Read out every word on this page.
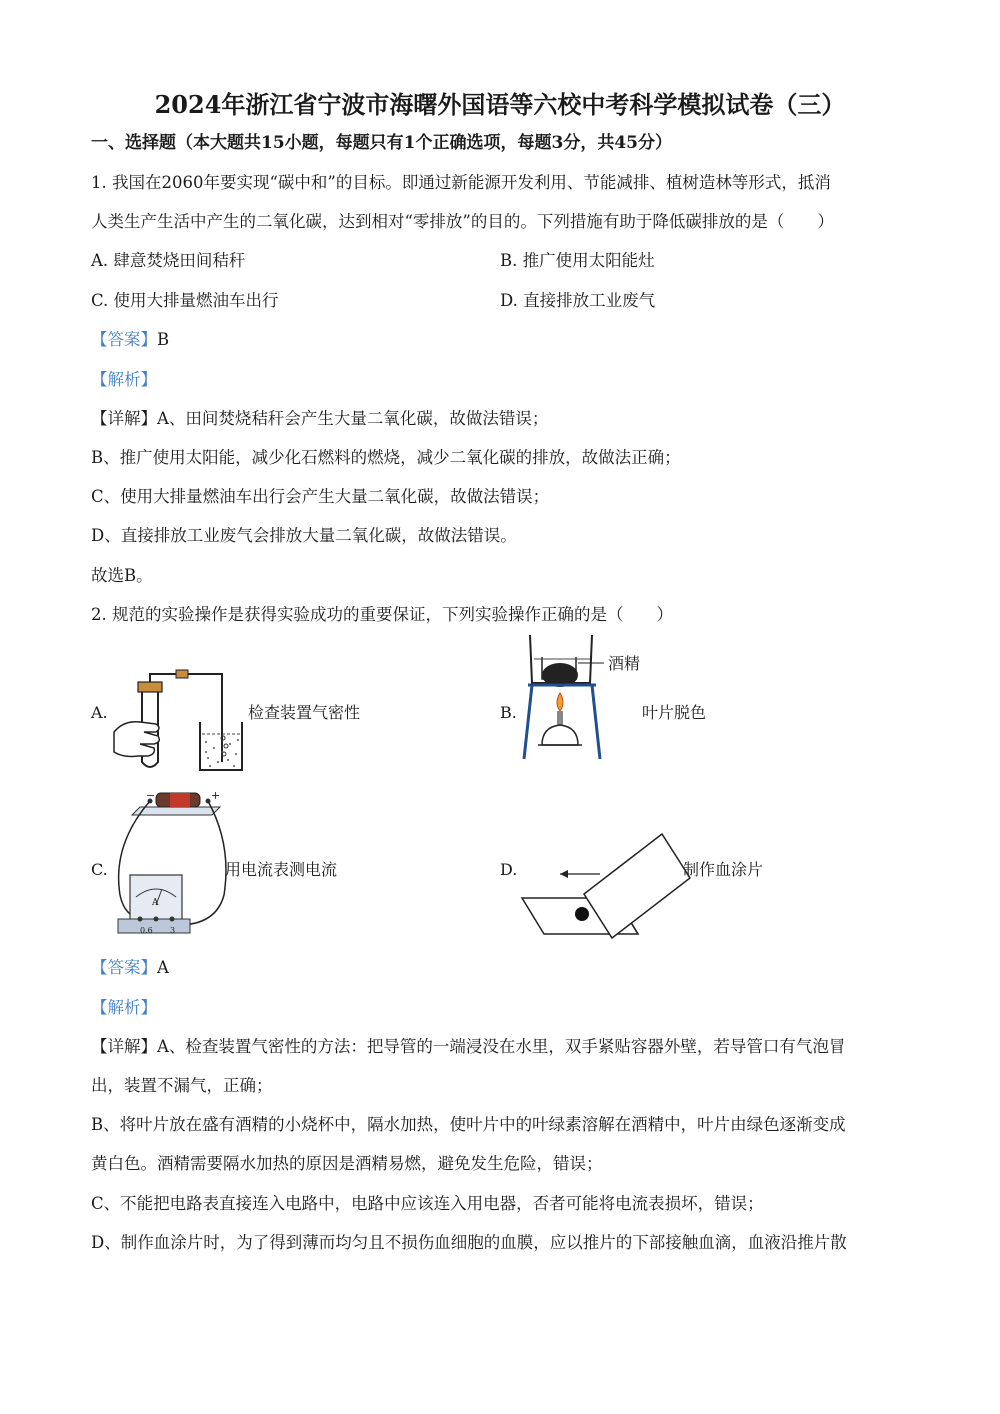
2024年浙江省宁波市海曙外国语等六校中考科学模拟试卷（三）
一、选择题（本大题共15小题，每题只有1个正确选项，每题3分，共45分）
1. 我国在2060年要实现“碳中和”的目标。即通过新能源开发利用、节能减排、植树造林等形式，抵消
人类生产生活中产生的二氧化碳，达到相对“零排放”的目的。下列措施有助于降低碳排放的是（　　）
A. 肆意焚烧田间秸秆	B. 推广使用太阳能灶
C. 使用大排量燃油车出行	D. 直接排放工业废气
【答案】B
【解析】
【详解】A、田间焚烧秸秆会产生大量二氧化碳，故做法错误；
B、推广使用太阳能，减少化石燃料的燃烧，减少二氧化碳的排放，故做法正确；
C、使用大排量燃油车出行会产生大量二氧化碳，故做法错误；
D、直接排放工业废气会排放大量二氧化碳，故做法错误。
故选B。
2. 规范的实验操作是获得实验成功的重要保证，下列实验操作正确的是（　　）
A.	检查装置气密性	B.
酒精
叶片脱色
C.
−	+
A
0.6 3
用电流表测电流	D.	制作血涂片
【答案】A
【解析】
【详解】A、检查装置气密性的方法：把导管的一端浸没在水里，双手紧贴容器外壁，若导管口有气泡冒
出，装置不漏气，正确；
B、将叶片放在盛有酒精的小烧杯中，隔水加热，使叶片中的叶绿素溶解在酒精中，叶片由绿色逐渐变成
黄白色。酒精需要隔水加热的原因是酒精易燃，避免发生危险，错误；
C、不能把电路表直接连入电路中，电路中应该连入用电器，否者可能将电流表损坏，错误；
D、制作血涂片时，为了得到薄而均匀且不损伤血细胞的血膜，应以推片的下部接触血滴，血液沿推片散
